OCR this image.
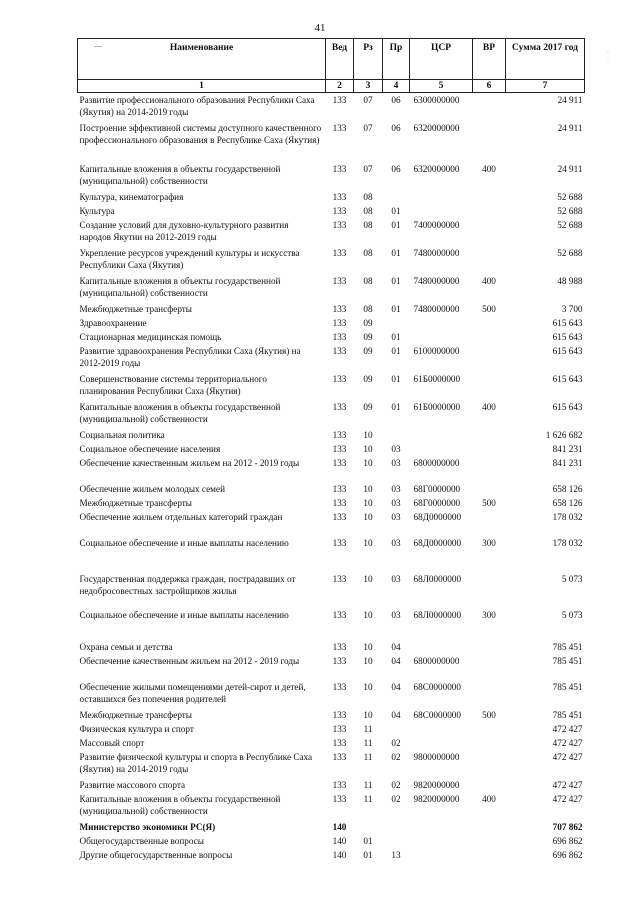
41
- - - - -
·
·
Наименование	Вед	Рз	Пр	ЦСР	ВР	Сумма 2017 год
1	2	3	4	5	6	7
Развитие профессионального образования Республики Саха (Якутия) на 2014-2019 годы	133	07	06	6300000000		24 911
Построение эффективной системы доступного качественного профессионального образования в Республике Саха (Якутия)	133	07	06	6320000000		24 911
Капитальные вложения в объекты государственной (муниципальной) собственности	133	07	06	6320000000	400	24 911
Культура, кинематография	133	08				52 688
Культура	133	08	01			52 688
Создание условий для духовно-культурного развития народов Якутии на 2012-2019 годы	133	08	01	7400000000		52 688
Укрепление ресурсов учреждений культуры и искусства Республики Саха (Якутия)	133	08	01	7480000000		52 688
Капитальные вложения в объекты государственной (муниципальной) собственности	133	08	01	7480000000	400	48 988
Межбюджетные трансферты	133	08	01	7480000000	500	3 700
Здравоохранение	133	09				615 643
Стационарная медицинская помощь	133	09	01			615 643
Развитие здравоохранения Республики Саха (Якутия) на 2012-2019 годы	133	09	01	6100000000		615 643
Совершенствование системы территориального планирования Республики Саха (Якутия)	133	09	01	61Б0000000		615 643
Капитальные вложения в объекты государственной (муниципальной) собственности	133	09	01	61Б0000000	400	615 643
Социальная политика	133	10				1 626 682
Социальное обеспечение населения	133	10	03			841 231
Обеспечение качественным жильем на 2012 - 2019 годы	133	10	03	6800000000		841 231
Обеспечение жильем молодых семей	133	10	03	68Г0000000		658 126
Межбюджетные трансферты	133	10	03	68Г0000000	500	658 126
Обеспечение жильем отдельных категорий граждан	133	10	03	68Д0000000		178 032
Социальное обеспечение и иные выплаты населению	133	10	03	68Д0000000	300	178 032
Государственная поддержка граждан, пострадавших от недобросовестных застройщиков жилья	133	10	03	68Л0000000		5 073
Социальное обеспечение и иные выплаты населению	133	10	03	68Л0000000	300	5 073
Охрана семьи и детства	133	10	04			785 451
Обеспечение качественным жильем на 2012 - 2019 годы	133	10	04	6800000000		785 451
Обеспечение жилыми помещениями детей-сирот и детей, оставшихся без попечения родителей	133	10	04	68С0000000		785 451
Межбюджетные трансферты	133	10	04	68С0000000	500	785 451
Физическая культура и спорт	133	11				472 427
Массовый спорт	133	11	02			472 427
Развитие физической культуры и спорта в Республике Саха (Якутия) на 2014-2019 годы	133	11	02	9800000000		472 427
Развитие массового спорта	133	11	02	9820000000		472 427
Капитальные вложения в объекты государственной (муниципальной) собственности	133	11	02	9820000000	400	472 427
Министерство экономики РС(Я)	140					707 862
Общегосударственные вопросы	140	01				696 862
Другие общегосударственные вопросы	140	01	13			696 862
